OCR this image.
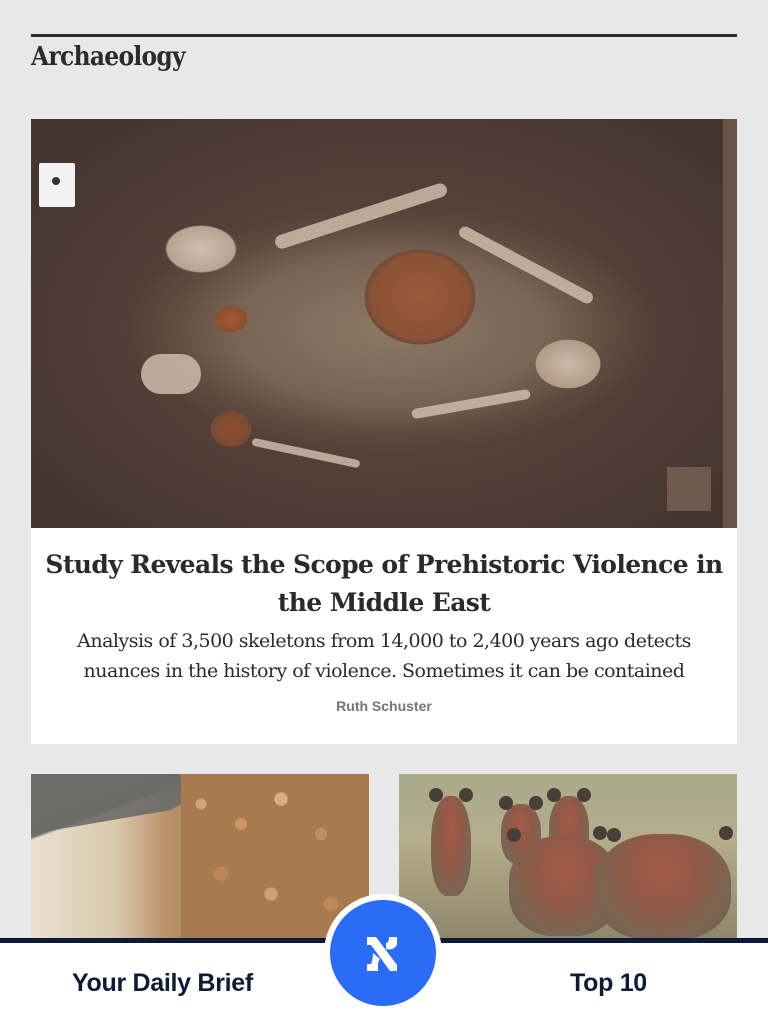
Archaeology
Study Reveals the Scope of Prehistoric Violence in the Middle East

Analysis of 3,500 skeletons from 14,000 to 2,400 years ago detects nuances in the history of violence. Sometimes it can be contained

Ruth Schuster
Your Daily Brief	Top 10
